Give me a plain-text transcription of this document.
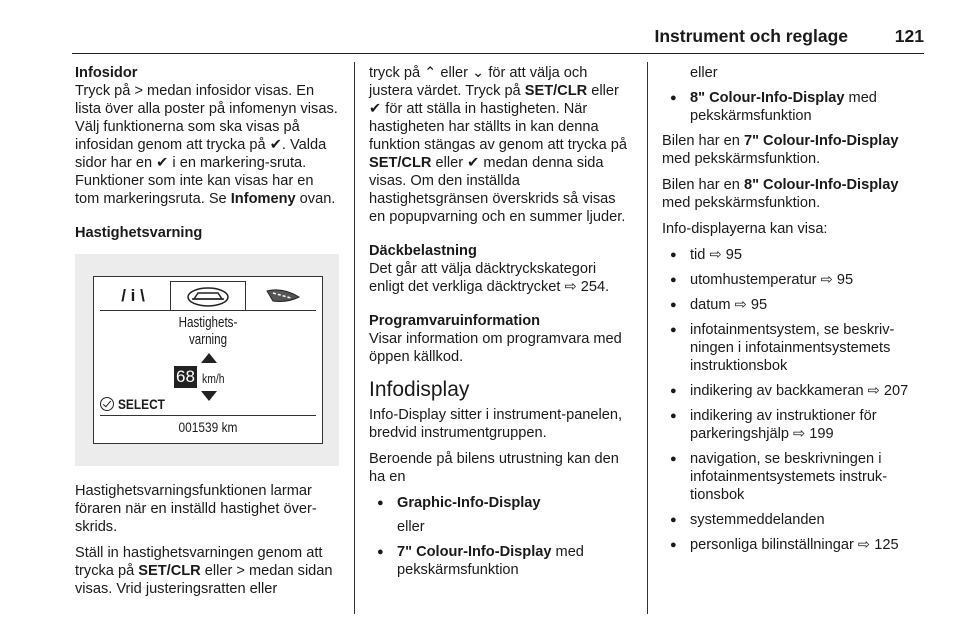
Instrument och reglage	121
Infosidor

Tryck på > medan infosidor visas. En lista över alla poster på infomenyn visas. Välj funktionerna som ska visas på infosidan genom att trycka på ✔. Valda sidor har en ✔ i en markering-sruta. Funktioner som inte kan visas har en tom markeringsruta. Se Infomeny ovan.

Hastighetsvarning
/ i \
Hastighets-
varning
68 km/h
SELECT
001539 km

Hastighetsvarningsfunktionen larmar föraren när en inställd hastighet över-skrids.

Ställ in hastighetsvarningen genom att trycka på SET/CLR eller > medan sidan visas. Vrid justeringsratten eller

tryck på ⌃ eller ⌄ för att välja och justera värdet. Tryck på SET/CLR eller ✔ för att ställa in hastigheten. När hastigheten har ställts in kan denna funktion stängas av genom att trycka på SET/CLR eller ✔ medan denna sida visas. Om den inställda hastighetsgränsen överskrids så visas en popupvarning och en summer ljuder.

Däckbelastning

Det går att välja däcktryckskategori enligt det verkliga däcktrycket ⇨ 254.

Programvaruinformation

Visar information om programvara med öppen källkod.

Infodisplay

Info-Display sitter i instrument-panelen, bredvid instrumentgruppen.

Beroende på bilens utrustning kan den ha en

● Graphic-Info-Display
eller
● 7" Colour-Info-Display med pekskärmsfunktion
eller
● 8" Colour-Info-Display med pekskärmsfunktion

Bilen har en 7" Colour-Info-Display med pekskärmsfunktion.

Bilen har en 8" Colour-Info-Display med pekskärmsfunktion.

Info-displayerna kan visa:

● tid ⇨ 95
● utomhustemperatur ⇨ 95
● datum ⇨ 95
● infotainmentsystem, se beskriv-ningen i infotainmentsystemets instruktionsbok
● indikering av backkameran ⇨ 207
● indikering av instruktioner för parkeringshjälp ⇨ 199
● navigation, se beskrivningen i infotainmentsystemets instruk-tionsbok
● systemmeddelanden
● personliga bilinställningar ⇨ 125
